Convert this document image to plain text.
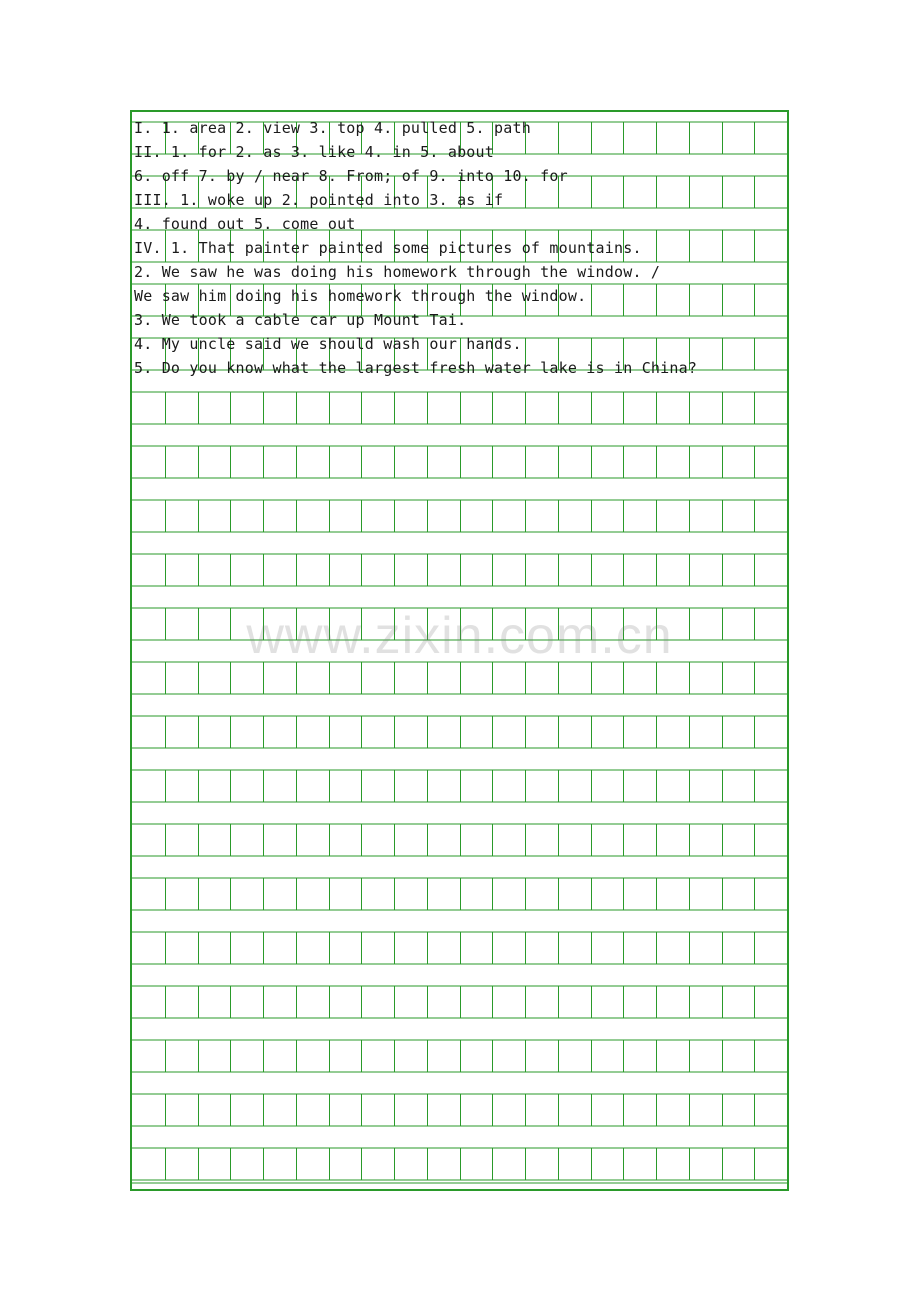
I. 1. area 2. view 3. top 4. pulled 5. path
II. 1. for 2. as 3. like 4. in 5. about
6. off 7. by / near 8. From; of 9. into 10. for
III. 1. woke up 2. pointed into 3. as if
4. found out 5. come out
IV. 1. That painter painted some pictures of mountains.
2. We saw he was doing his homework through the window. /
We saw him doing his homework through the window.
3. We took a cable car up Mount Tai.
4. My uncle said we should wash our hands.
5. Do you know what the largest fresh water lake is in China?
www.zixin.com.cn
